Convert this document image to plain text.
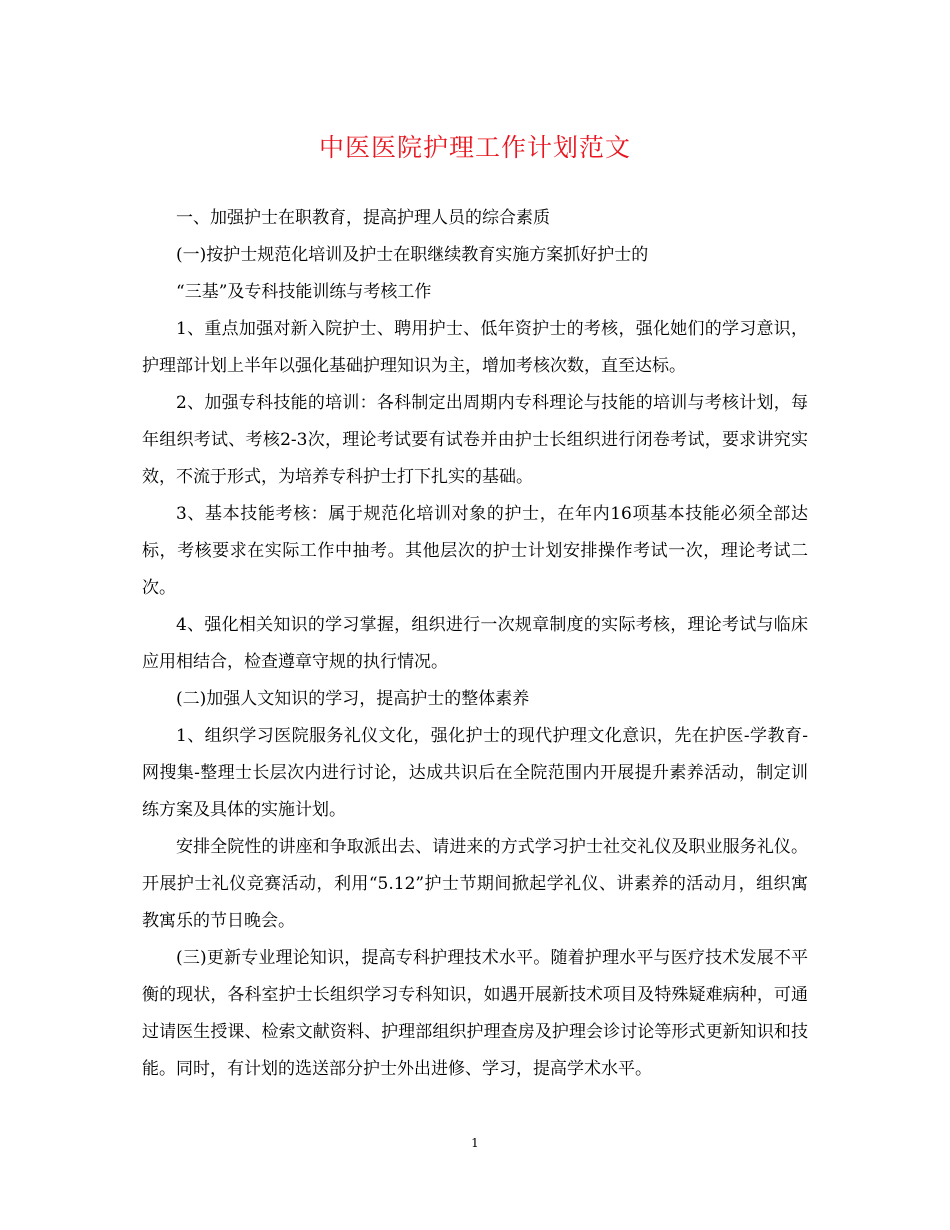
中医医院护理工作计划范文

一、加强护士在职教育，提高护理人员的综合素质

(一)按护士规范化培训及护士在职继续教育实施方案抓好护士的

“三基”及专科技能训练与考核工作

1、重点加强对新入院护士、聘用护士、低年资护士的考核，强化她们的学习意识，护理部计划上半年以强化基础护理知识为主，增加考核次数，直至达标。

2、加强专科技能的培训：各科制定出周期内专科理论与技能的培训与考核计划，每年组织考试、考核2-3次，理论考试要有试卷并由护士长组织进行闭卷考试，要求讲究实效，不流于形式，为培养专科护士打下扎实的基础。

3、基本技能考核：属于规范化培训对象的护士，在年内16项基本技能必须全部达标，考核要求在实际工作中抽考。其他层次的护士计划安排操作考试一次，理论考试二次。

4、强化相关知识的学习掌握，组织进行一次规章制度的实际考核，理论考试与临床应用相结合，检查遵章守规的执行情况。

(二)加强人文知识的学习，提高护士的整体素养

1、组织学习医院服务礼仪文化，强化护士的现代护理文化意识，先在护医-学教育-网搜集-整理士长层次内进行讨论，达成共识后在全院范围内开展提升素养活动，制定训练方案及具体的实施计划。

安排全院性的讲座和争取派出去、请进来的方式学习护士社交礼仪及职业服务礼仪。开展护士礼仪竞赛活动，利用“5.12”护士节期间掀起学礼仪、讲素养的活动月，组织寓教寓乐的节日晚会。

(三)更新专业理论知识，提高专科护理技术水平。随着护理水平与医疗技术发展不平衡的现状，各科室护士长组织学习专科知识，如遇开展新技术项目及特殊疑难病种，可通过请医生授课、检索文献资料、护理部组织护理查房及护理会诊讨论等形式更新知识和技能。同时，有计划的选送部分护士外出进修、学习，提高学术水平。

1
